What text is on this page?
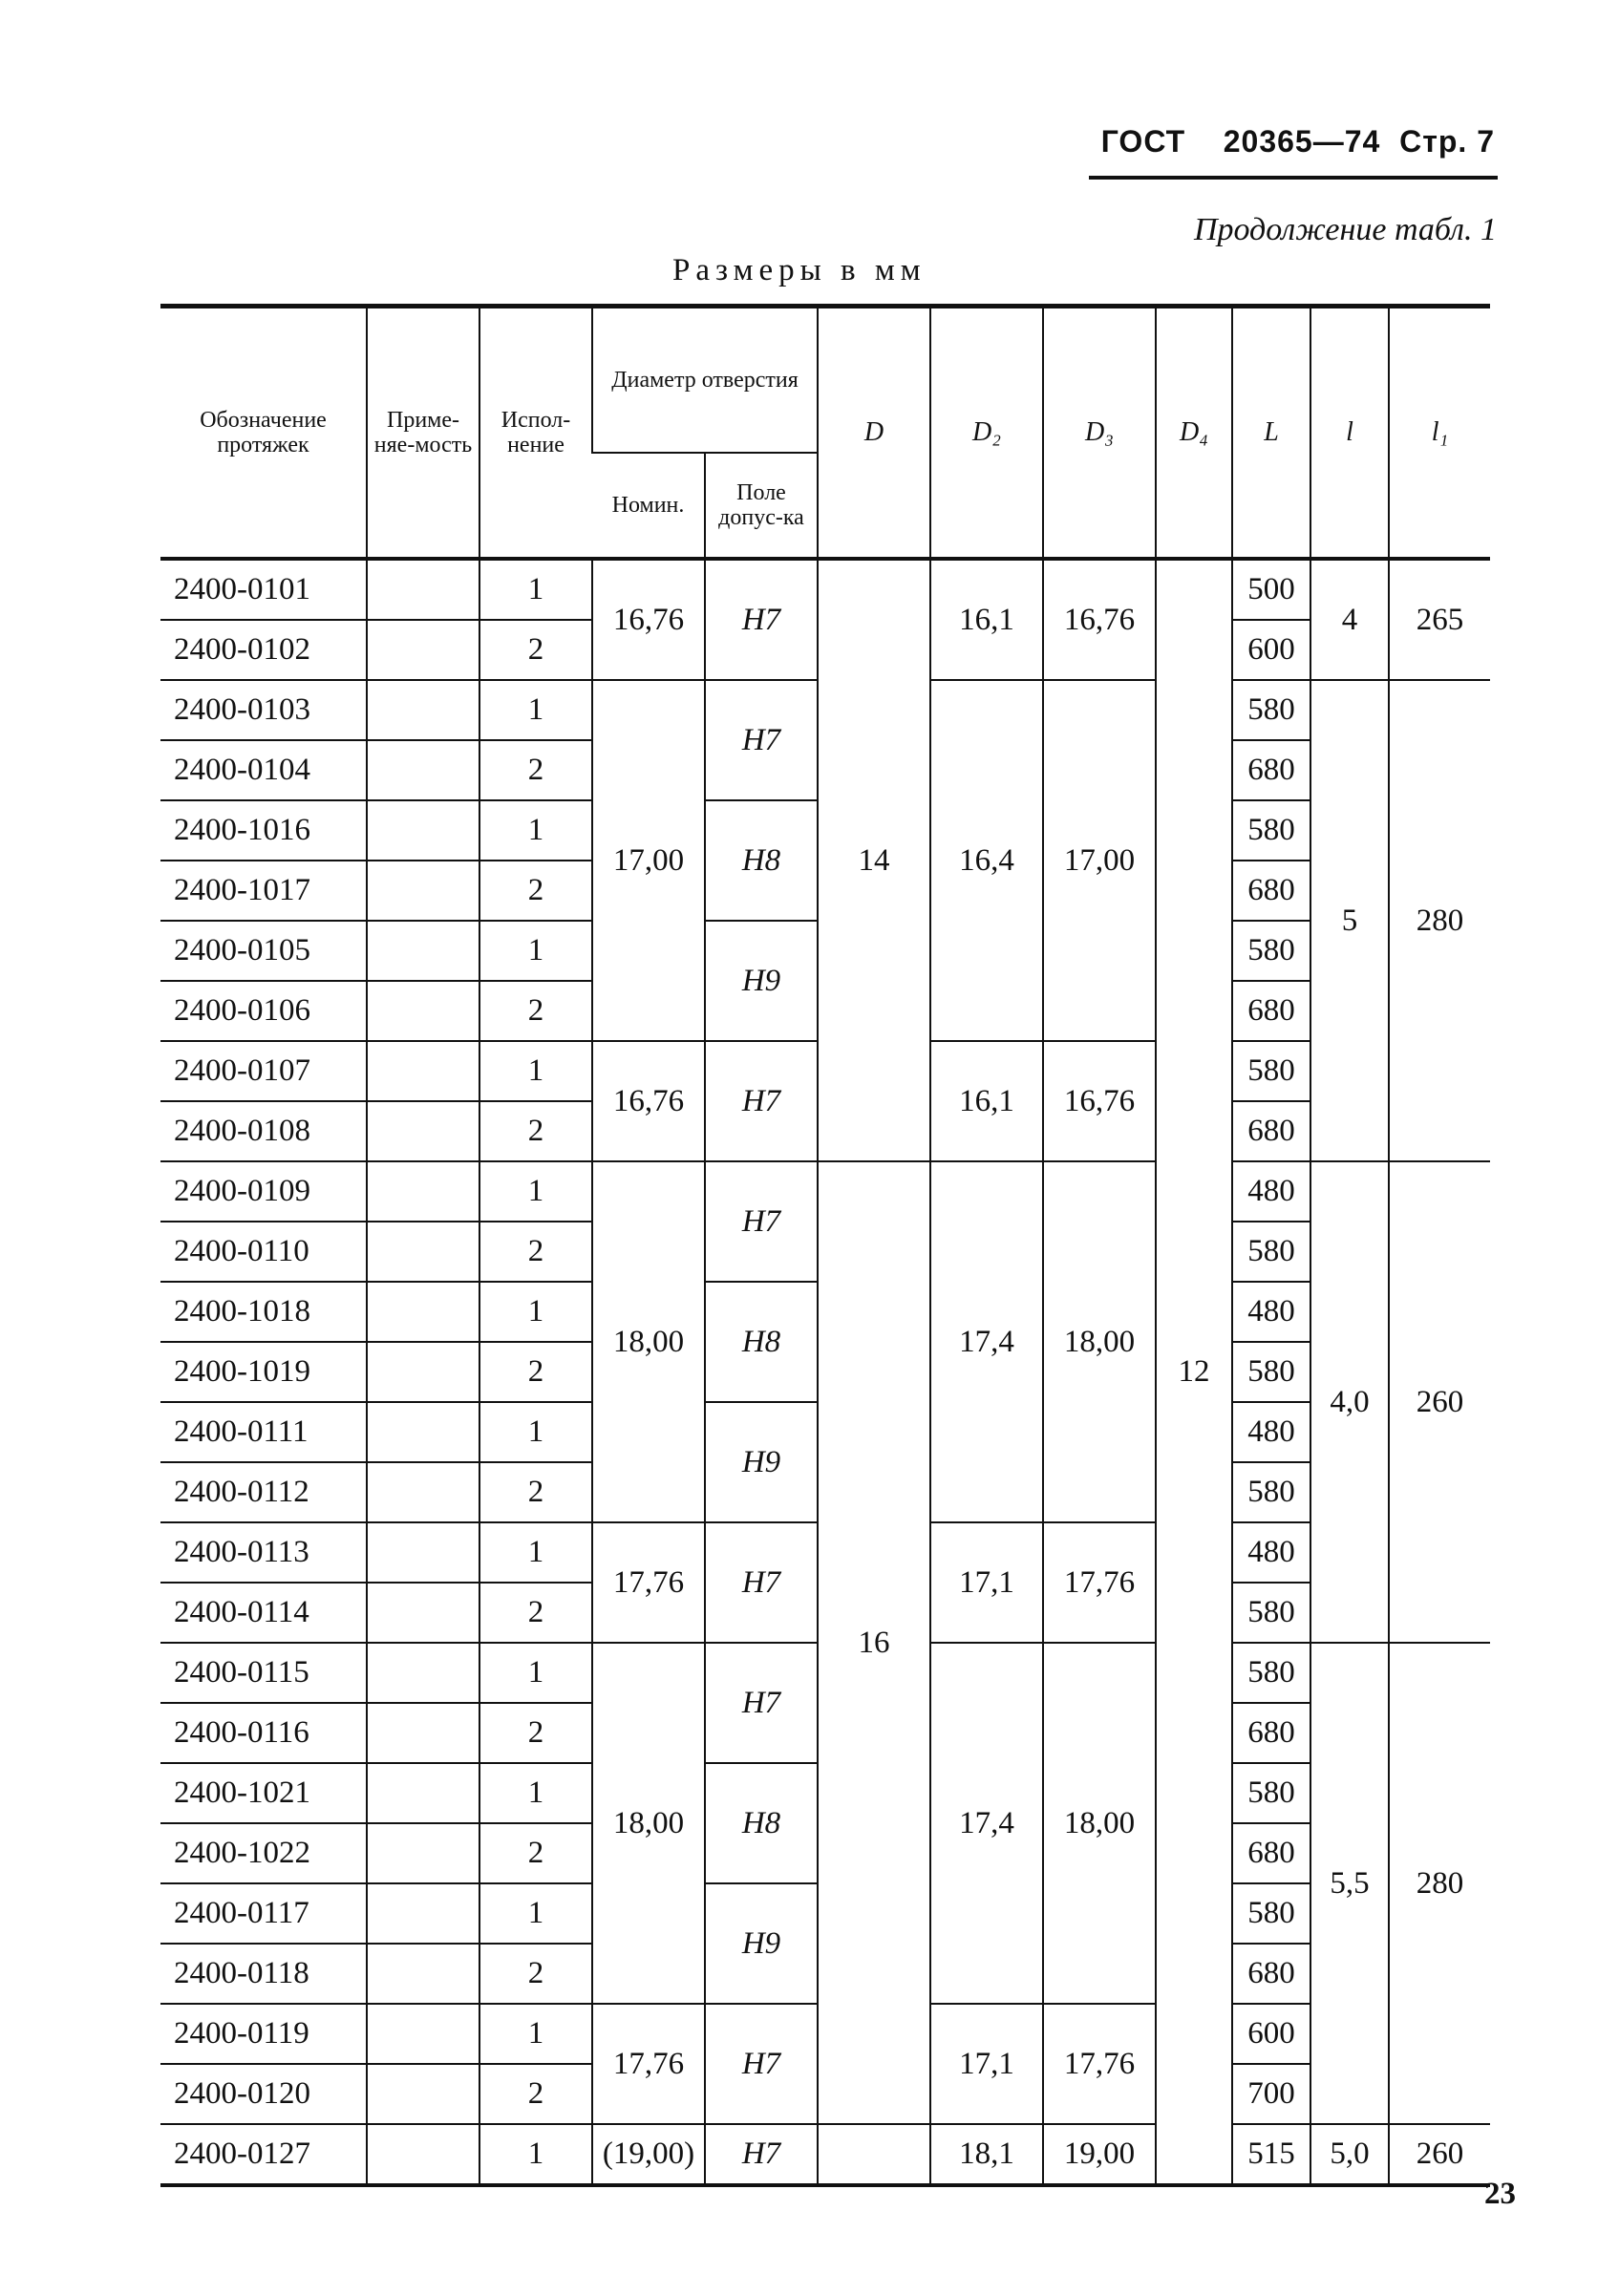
ГОСТ 20365—74 Стр. 7
Продолжение табл. 1
Размеры в мм
Обозначение протяжек	Приме-няе-мость	Испол-нение	Диаметр отверстия		D	D₂	D₃	D₄	L	l	l₁
			Номин.	Поле допус-ка							
2400-0101		1	16,76	H7	14	16,1	16,76	12	500	4	265
2400-0102		2							600		
2400-0103		1	17,00	H7		16,4	17,00		580	5	280
2400-0104		2							680		
2400-1016		1		H8					580		
2400-1017		2							680		
2400-0105		1		H9					580		
2400-0106		2							680		
2400-0107		1	16,76	H7		16,1	16,76		580		
2400-0108		2							680		
2400-0109		1	18,00	H7	16	17,4	18,00		480	4,0	260
2400-0110		2							580		
2400-1018		1		H8					480		
2400-1019		2							580		
2400-0111		1		H9					480		
2400-0112		2							580		
2400-0113		1	17,76	H7		17,1	17,76		480		
2400-0114		2							580		
2400-0115		1	18,00	H7		17,4	18,00		580	5,5	280
2400-0116		2							680		
2400-1021		1		H8					580		
2400-1022		2							680		
2400-0117		1		H9					580		
2400-0118		2							680		
2400-0119		1	17,76	H7		17,1	17,76		600		
2400-0120		2							700		
2400-0127		1	(19,00)	H7		18,1	19,00		515	5,0	260
23
